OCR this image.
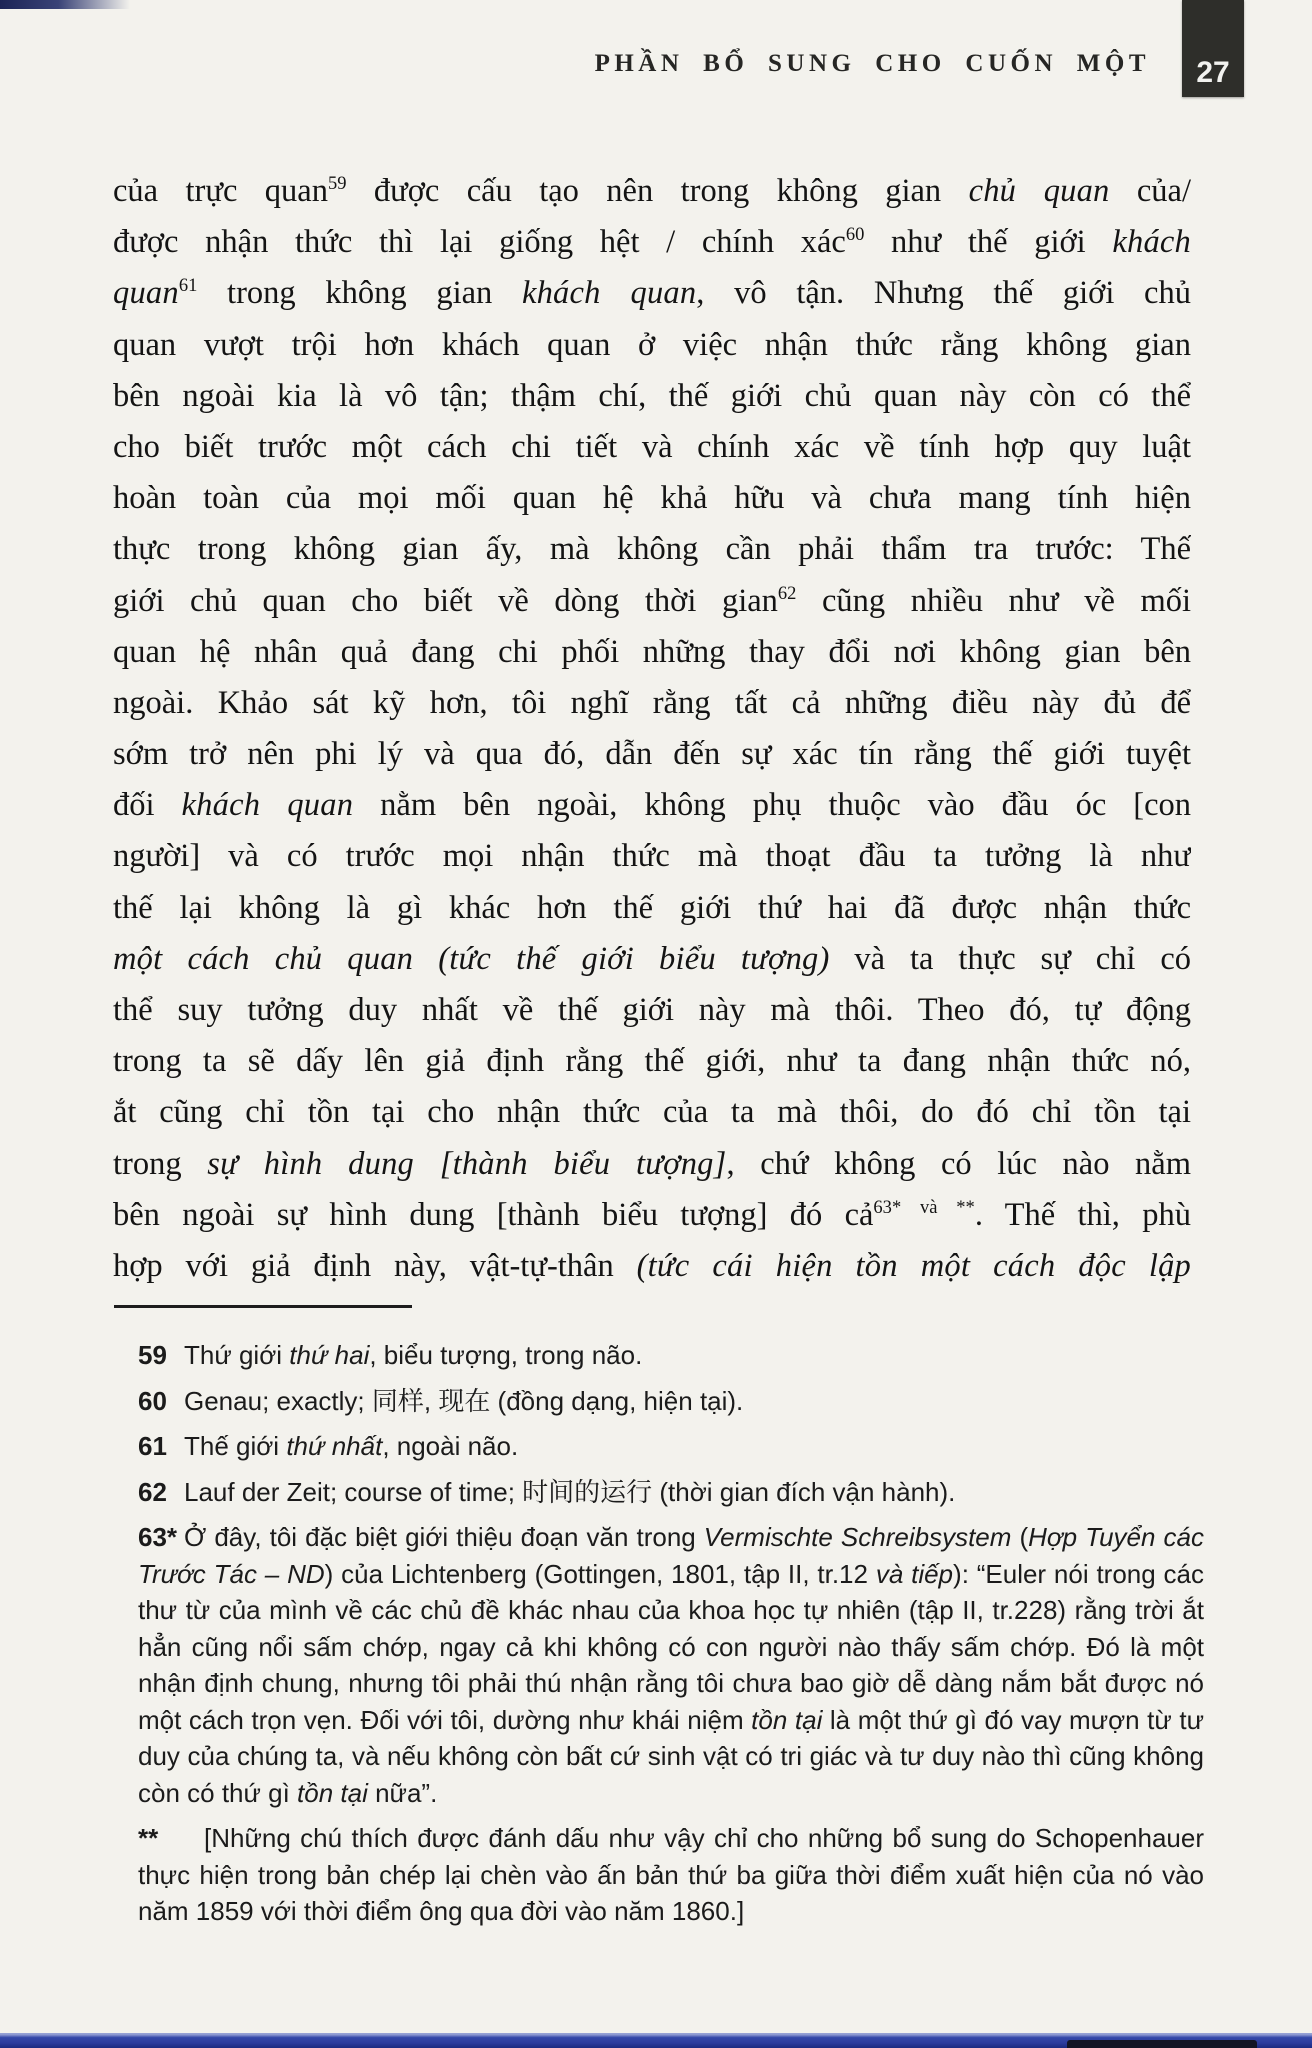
PHẦN BỔ SUNG CHO CUỐN MỘT 27
của trực quan$^{59}$ được cấu tạo nên trong không gian chủ quan của/
được nhận thức thì lại giống hệt / chính xác$^{60}$ như thế giới khách
quan$^{61}$ trong không gian khách quan, vô tận. Nhưng thế giới chủ
quan vượt trội hơn khách quan ở việc nhận thức rằng không gian
bên ngoài kia là vô tận; thậm chí, thế giới chủ quan này còn có thể
cho biết trước một cách chi tiết và chính xác về tính hợp quy luật
hoàn toàn của mọi mối quan hệ khả hữu và chưa mang tính hiện
thực trong không gian ấy, mà không cần phải thẩm tra trước: Thế
giới chủ quan cho biết về dòng thời gian$^{62}$ cũng nhiều như về mối
quan hệ nhân quả đang chi phối những thay đổi nơi không gian bên
ngoài. Khảo sát kỹ hơn, tôi nghĩ rằng tất cả những điều này đủ để
sớm trở nên phi lý và qua đó, dẫn đến sự xác tín rằng thế giới tuyệt
đối khách quan nằm bên ngoài, không phụ thuộc vào đầu óc [con
người] và có trước mọi nhận thức mà thoạt đầu ta tưởng là như
thế lại không là gì khác hơn thế giới thứ hai đã được nhận thức
một cách chủ quan (tức thế giới biểu tượng) và ta thực sự chỉ có
thể suy tưởng duy nhất về thế giới này mà thôi. Theo đó, tự động
trong ta sẽ dấy lên giả định rằng thế giới, như ta đang nhận thức nó,
ắt cũng chỉ tồn tại cho nhận thức của ta mà thôi, do đó chỉ tồn tại
trong sự hình dung [thành biểu tượng], chứ không có lúc nào nằm
bên ngoài sự hình dung [thành biểu tượng] đó cả$^{63* và **}$. Thế thì, phù
hợp với giả định này, vật-tự-thân (tức cái hiện tồn một cách độc lập

59 Thứ giới thứ hai, biểu tượng, trong não.

60 Genau; exactly; 同样, 现在 (đồng dạng, hiện tại).

61 Thế giới thứ nhất, ngoài não.

62 Lauf der Zeit; course of time; 时间的运行 (thời gian đích vận hành).

63* Ở đây, tôi đặc biệt giới thiệu đoạn văn trong Vermischte Schreibsystem (Hợp Tuyển các Trước Tác – ND) của Lichtenberg (Gottingen, 1801, tập II, tr.12 và tiếp): “Euler nói trong các thư từ của mình về các chủ đề khác nhau của khoa học tự nhiên (tập II, tr.228) rằng trời ắt hẳn cũng nổi sấm chớp, ngay cả khi không có con người nào thấy sấm chớp. Đó là một nhận định chung, nhưng tôi phải thú nhận rằng tôi chưa bao giờ dễ dàng nắm bắt được nó một cách trọn vẹn. Đối với tôi, dường như khái niệm tồn tại là một thứ gì đó vay mượn từ tư duy của chúng ta, và nếu không còn bất cứ sinh vật có tri giác và tư duy nào thì cũng không còn có thứ gì tồn tại nữa”.

** [Những chú thích được đánh dấu như vậy chỉ cho những bổ sung do Schopenhauer thực hiện trong bản chép lại chèn vào ấn bản thứ ba giữa thời điểm xuất hiện của nó vào năm 1859 với thời điểm ông qua đời vào năm 1860.]
